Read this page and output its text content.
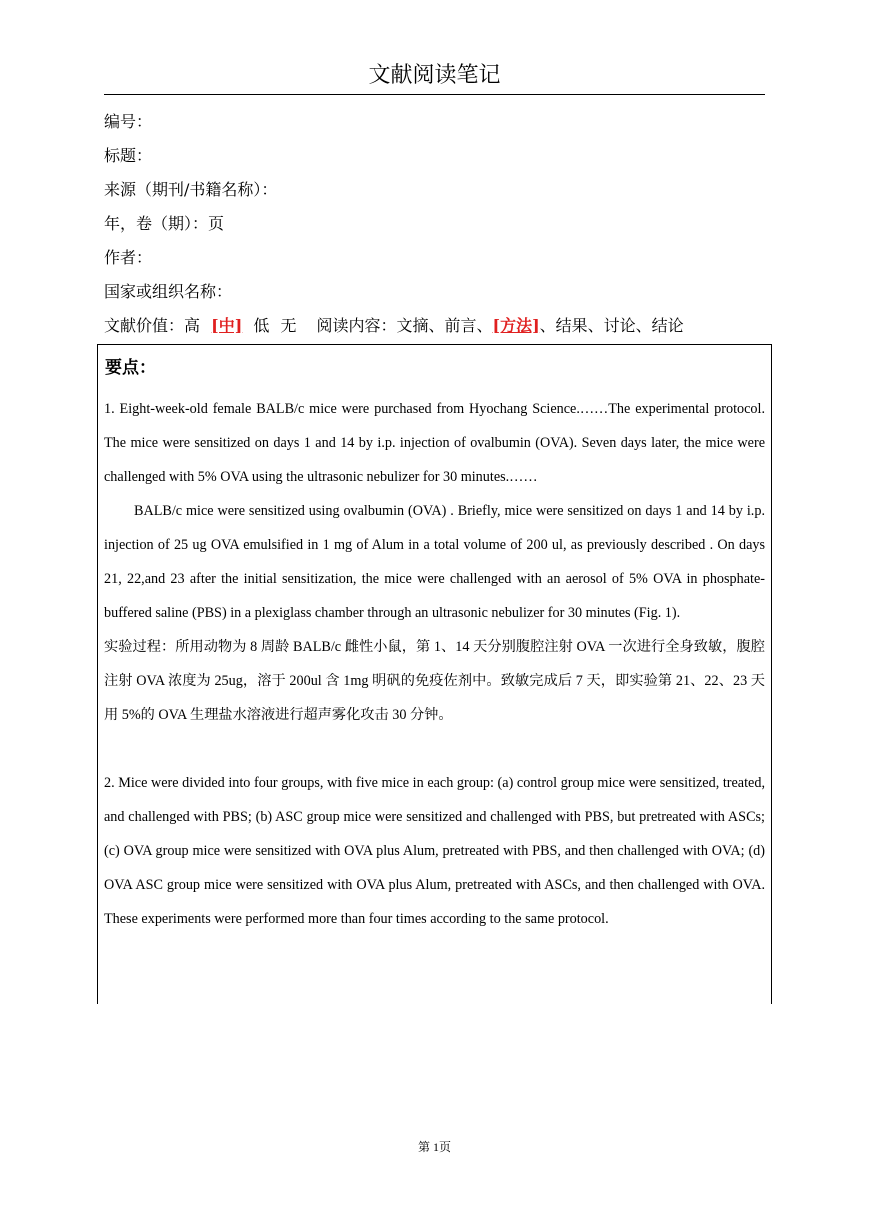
文献阅读笔记
编号：
标题：
来源（期刊/书籍名称）：
年，卷（期）：页
作者：
国家或组织名称：
文献价值：高 [中] 低 无 阅读内容：文摘、前言、[方法]、结果、讨论、结论
要点：

1. Eight-week-old female BALB/c mice were purchased from Hyochang Science.……The experimental protocol. The mice were sensitized on days 1 and 14 by i.p. injection of ovalbumin (OVA). Seven days later, the mice were challenged with 5% OVA using the ultrasonic nebulizer for 30 minutes.……

BALB/c mice were sensitized using ovalbumin (OVA) . Briefly, mice were sensitized on days 1 and 14 by i.p. injection of 25 ug OVA emulsified in 1 mg of Alum in a total volume of 200 ul, as previously described . On days 21, 22,and 23 after the initial sensitization, the mice were challenged with an aerosol of 5% OVA in phosphate-buffered saline (PBS) in a plexiglass chamber through an ultrasonic nebulizer for 30 minutes (Fig. 1).

实验过程：所用动物为 8 周龄 BALB/c 雌性小鼠，第 1、14 天分别腹腔注射 OVA 一次进行全身致敏，腹腔注射 OVA 浓度为 25ug，溶于 200ul 含 1mg 明矾的免疫佐剂中。致敏完成后 7 天，即实验第 21、22、23 天用 5%的 OVA 生理盐水溶液进行超声雾化攻击 30 分钟。

2. Mice were divided into four groups, with five mice in each group: (a) control group mice were sensitized, treated, and challenged with PBS; (b) ASC group mice were sensitized and challenged with PBS, but pretreated with ASCs; (c) OVA group mice were sensitized with OVA plus Alum, pretreated with PBS, and then challenged with OVA; (d) OVA ASC group mice were sensitized with OVA plus Alum, pretreated with ASCs, and then challenged with OVA. These experiments were performed more than four times according to the same protocol.

第 1页
